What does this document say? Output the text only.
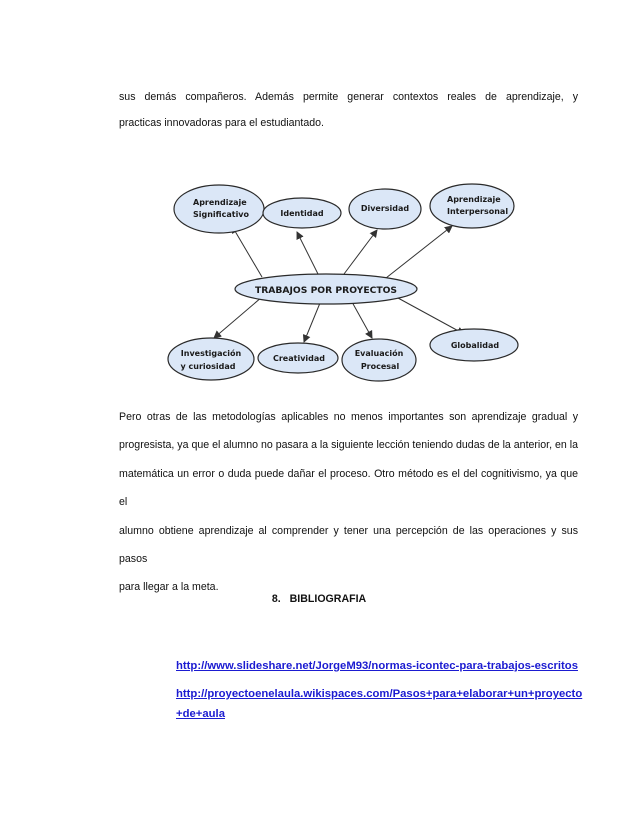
sus demás compañeros. Además permite generar contextos reales de aprendizaje, y
practicas innovadoras para el estudiantado.
Aprendizaje
Significativo	Identidad
Diversidad
Aprendizaje
Interpersonal
TRABAJOS POR PROYECTOS
Investigación
y curiosidad
Creatividad
Evaluación
Procesal
Globalidad
Pero otras de las metodologías aplicables no menos importantes son aprendizaje gradual y
progresista, ya que el alumno no pasara a la siguiente lección teniendo dudas de la anterior, en la
matemática un error o duda puede dañar el proceso. Otro método es el del cognitivismo, ya que el
alumno obtiene aprendizaje al comprender y tener una percepción de las operaciones y sus pasos
para llegar a la meta.
8. BIBLIOGRAFIA
http://www.slideshare.net/JorgeM93/normas-icontec-para-trabajos-escritos
http://proyectoenelaula.wikispaces.com/Pasos+para+elaborar+un+proyecto
+de+aula
